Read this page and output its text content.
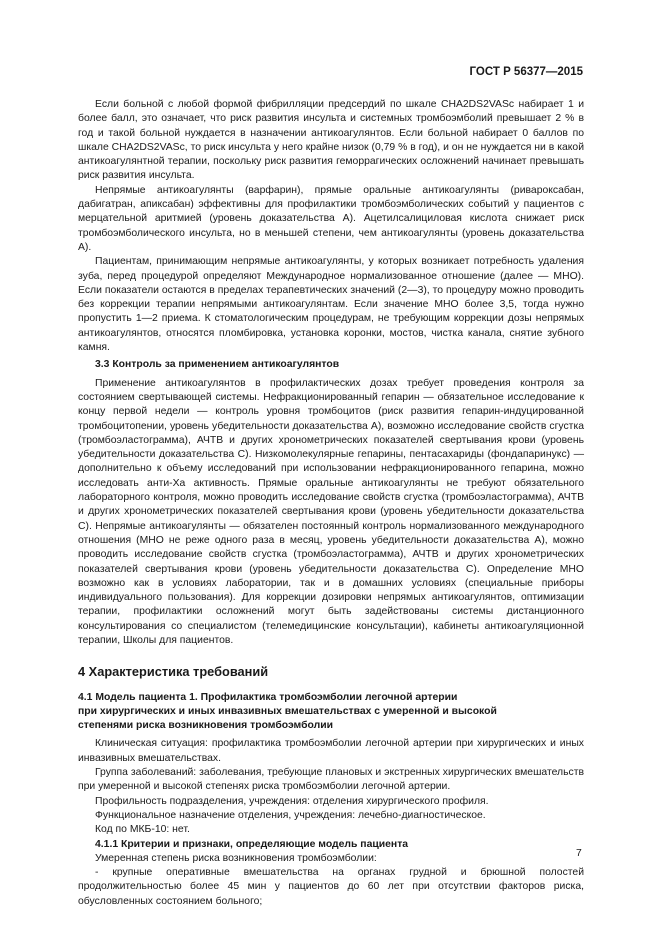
ГОСТ Р 56377—2015

Если больной с любой формой фибрилляции предсердий по шкале CHA2DS2VASc набирает 1 и более балл, это означает, что риск развития инсульта и системных тромбоэмболий превышает 2 % в год и такой больной нуждается в назначении антикоагулянтов. Если больной набирает 0 баллов по шкале CHA2DS2VASc, то риск инсульта у него крайне низок (0,79 % в год), и он не нуждается ни в какой антикоагулянтной терапии, поскольку риск развития геморрагических осложнений начинает превышать риск развития инсульта.

Непрямые антикоагулянты (варфарин), прямые оральные антикоагулянты (ривароксабан, дабигатран, апиксабан) эффективны для профилактики тромбоэмболических событий у пациентов с мерцательной аритмией (уровень доказательства А). Ацетилсалициловая кислота снижает риск тромбоэмболического инсульта, но в меньшей степени, чем антикоагулянты (уровень доказательства А).

Пациентам, принимающим непрямые антикоагулянты, у которых возникает потребность удаления зуба, перед процедурой определяют Международное нормализованное отношение (далее — МНО). Если показатели остаются в пределах терапевтических значений (2—3), то процедуру можно проводить без коррекции терапии непрямыми антикоагулянтам. Если значение МНО более 3,5, тогда нужно пропустить 1—2 приема. К стоматологическим процедурам, не требующим коррекции дозы непрямых антикоагулянтов, относятся пломбировка, установка коронки, мостов, чистка канала, снятие зубного камня.

3.3 Контроль за применением антикоагулянтов

Применение антикоагулянтов в профилактических дозах требует проведения контроля за состоянием свертывающей системы. Нефракционированный гепарин — обязательное исследование к концу первой недели — контроль уровня тромбоцитов (риск развития гепарин-индуцированной тромбоцитопении, уровень убедительности доказательства А), возможно исследование свойств сгустка (тромбоэластограмма), АЧТВ и других хронометрических показателей свертывания крови (уровень убедительности доказательства С). Низкомолекулярные гепарины, пентасахариды (фондапаринукс) — дополнительно к объему исследований при использовании нефракционированного гепарина, можно исследовать анти-Ха активность. Прямые оральные антикоагулянты не требуют обязательного лабораторного контроля, можно проводить исследование свойств сгустка (тромбоэластограмма), АЧТВ и других хронометрических показателей свертывания крови (уровень убедительности доказательства С). Непрямые антикоагулянты — обязателен постоянный контроль нормализованного международного отношения (МНО не реже одного раза в месяц, уровень убедительности доказательства А), можно проводить исследование свойств сгустка (тромбоэластограмма), АЧТВ и других хронометрических показателей свертывания крови (уровень убедительности доказательства С). Определение МНО возможно как в условиях лаборатории, так и в домашних условиях (специальные приборы индивидуального пользования). Для коррекции дозировки непрямых антикоагулянтов, оптимизации терапии, профилактики осложнений могут быть задействованы системы дистанционного консультирования со специалистом (телемедицинские консультации), кабинеты антикоагуляционной терапии, Школы для пациентов.

4 Характеристика требований

4.1 Модель пациента 1. Профилактика тромбоэмболии легочной артерии
при хирургических и иных инвазивных вмешательствах с умеренной и высокой
степенями риска возникновения тромбоэмболии

Клиническая ситуация: профилактика тромбоэмболии легочной артерии при хирургических и иных инвазивных вмешательствах.

Группа заболеваний: заболевания, требующие плановых и экстренных хирургических вмешательств при умеренной и высокой степенях риска тромбоэмболии легочной артерии.

Профильность подразделения, учреждения: отделения хирургического профиля.

Функциональное назначение отделения, учреждения: лечебно-диагностическое.

Код по МКБ-10: нет.

4.1.1 Критерии и признаки, определяющие модель пациента

Умеренная степень риска возникновения тромбоэмболии:

- крупные оперативные вмешательства на органах грудной и брюшной полостей продолжительностью более 45 мин у пациентов до 60 лет при отсутствии факторов риска, обусловленных состоянием больного;

7
